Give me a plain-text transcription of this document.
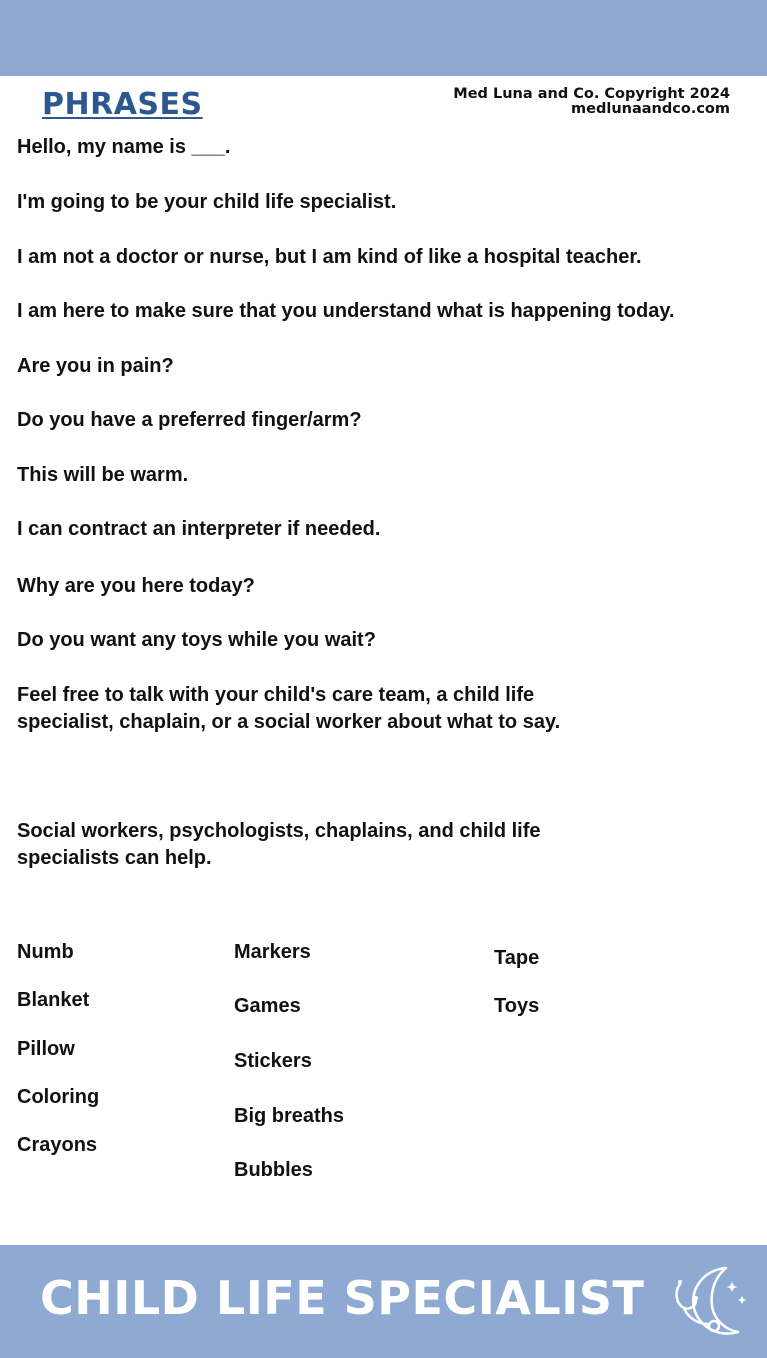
PHRASES	Med Luna and Co. Copyright 2024
medlunaandco.com

Hello, my name is ___.

I'm going to be your child life specialist.

I am not a doctor or nurse, but I am kind of like a hospital teacher.

I am here to make sure that you understand what is happening today.

Are you in pain?

Do you have a preferred finger/arm?

This will be warm.

I can contract an interpreter if needed.

Why are you here today?

Do you want any toys while you wait?

Feel free to talk with your child's care team, a child life

specialist, chaplain, or a social worker about what to say.

Social workers, psychologists, chaplains, and child life

specialists can help.

Numb

Blanket

Pillow

Coloring

Crayons

Markers

Games

Stickers

Big breaths

Bubbles

Tape

Toys

CHILD LIFE SPECIALIST
